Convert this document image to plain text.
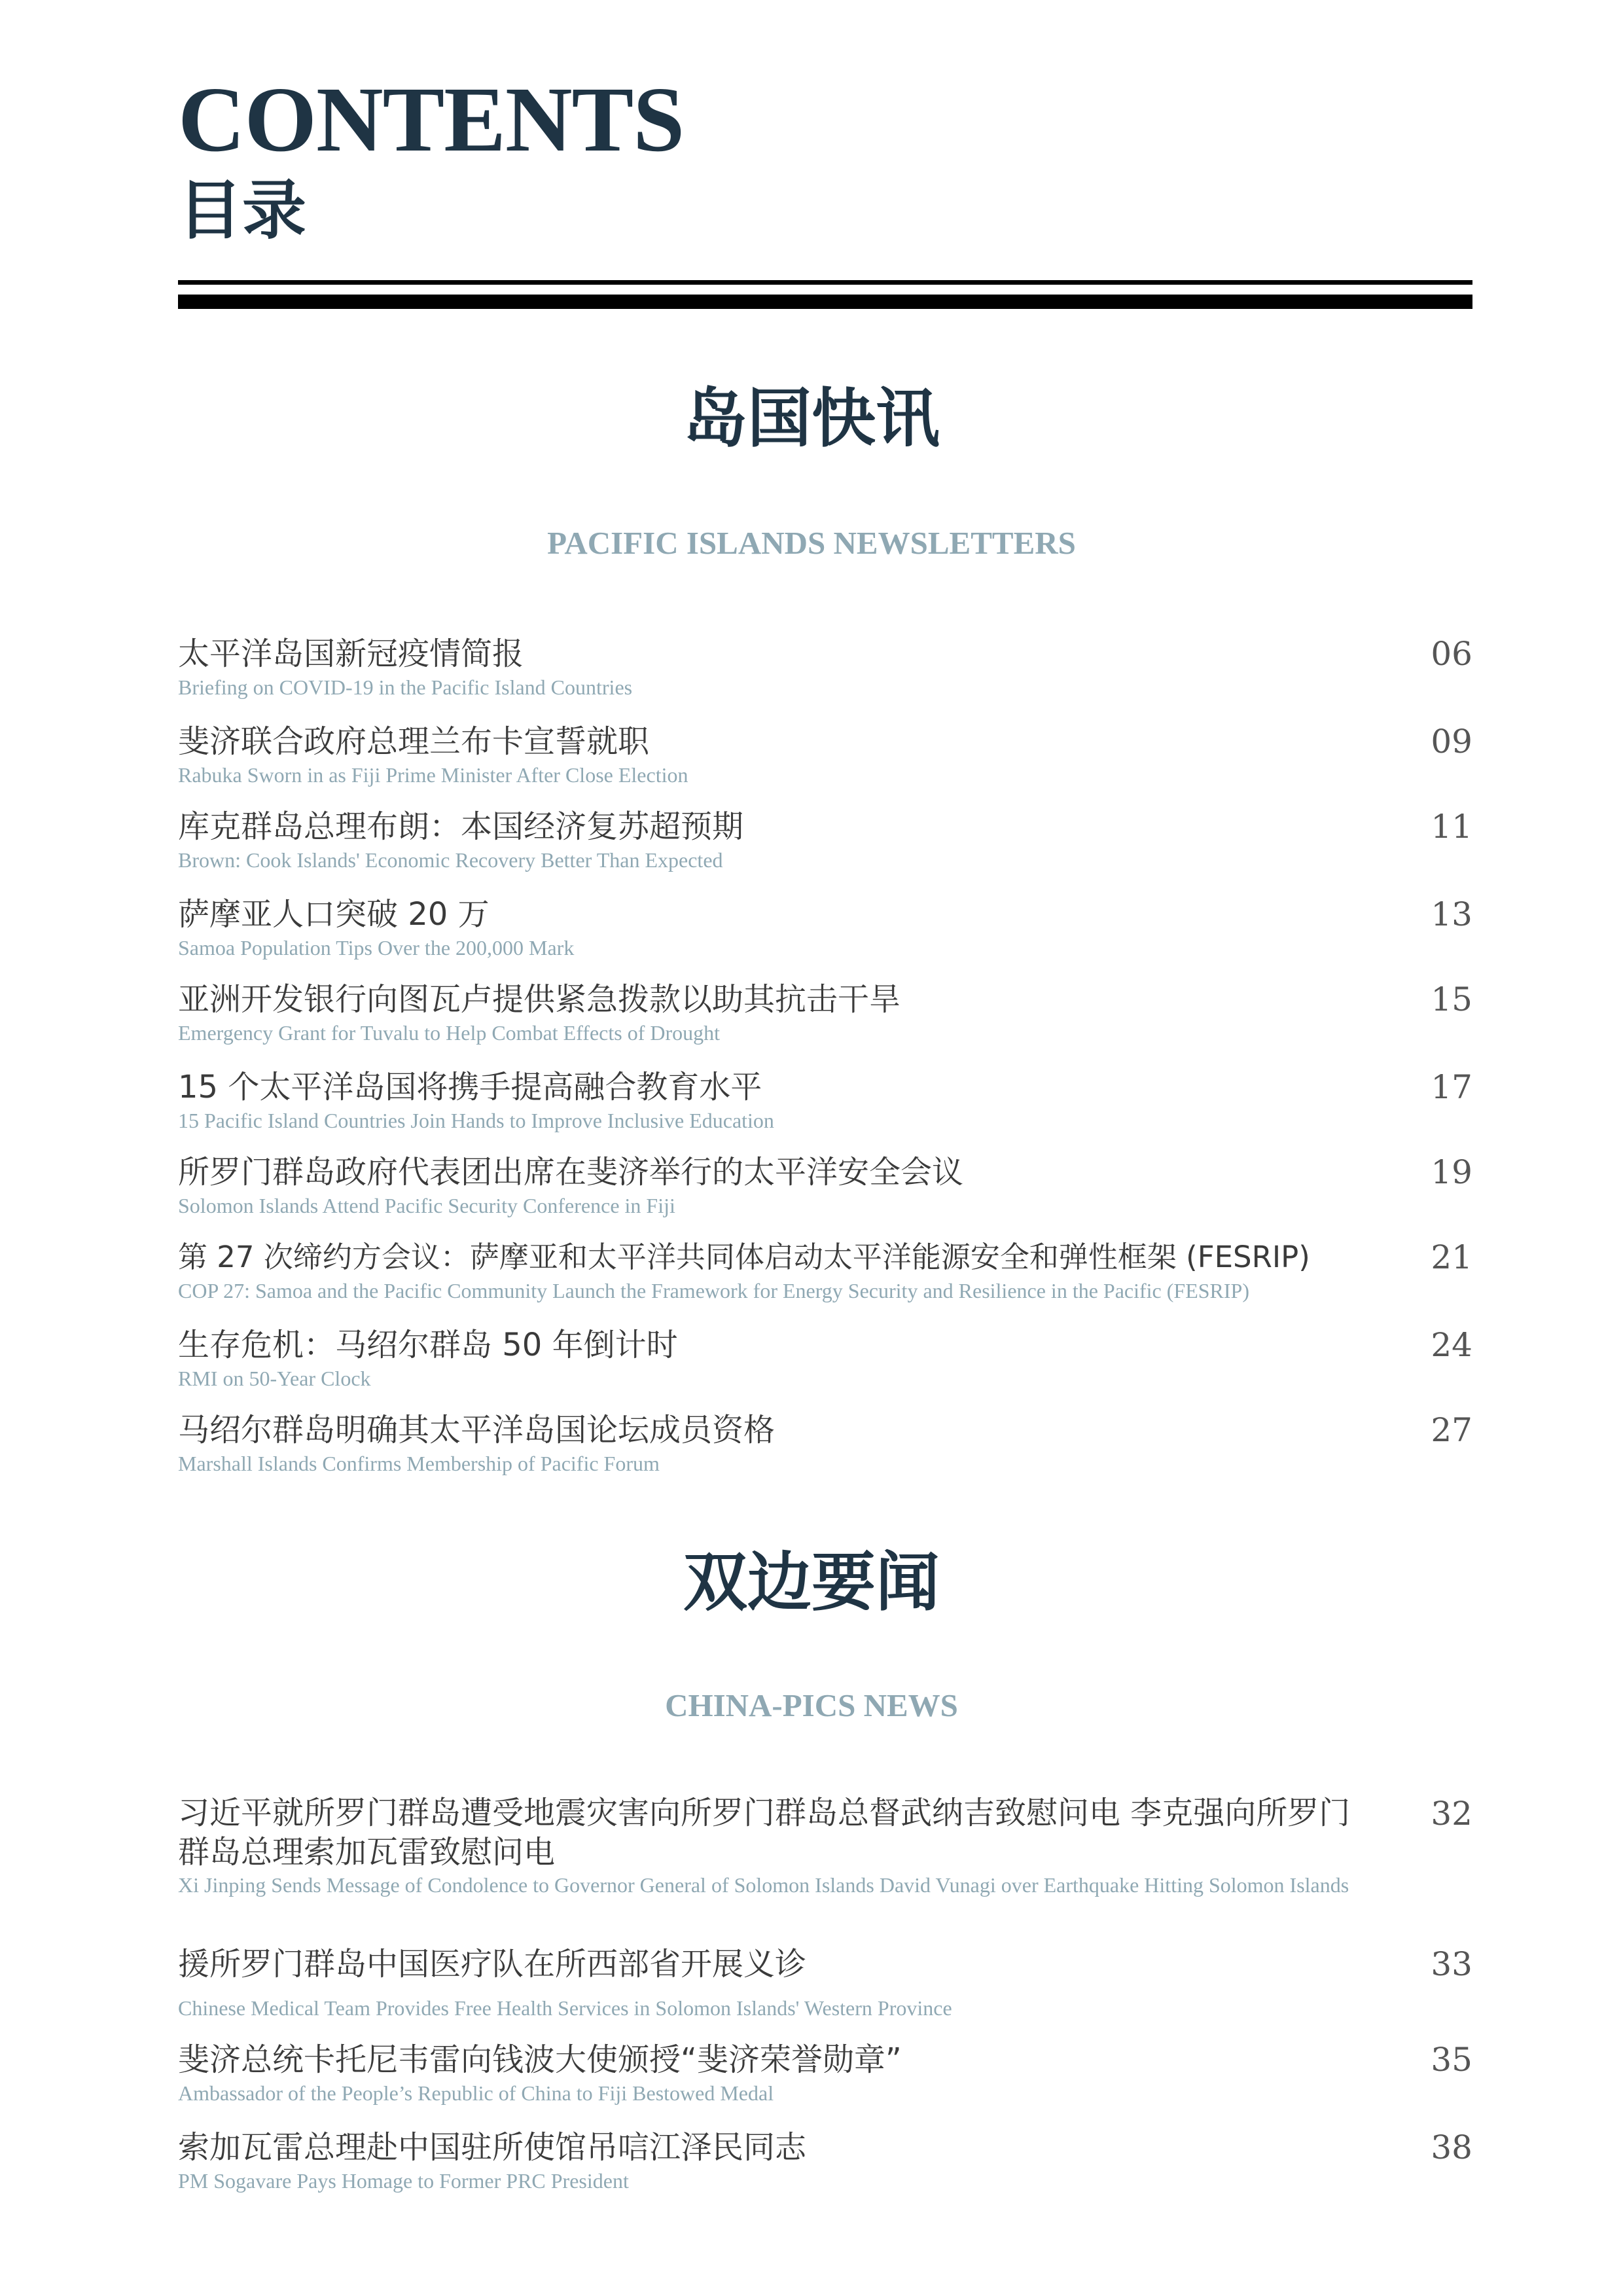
CONTENTS
目录
岛国快讯
PACIFIC ISLANDS NEWSLETTERS
太平洋岛国新冠疫情简报
Briefing on COVID-19 in the Pacific Island Countries
06
斐济联合政府总理兰布卡宣誓就职
Rabuka Sworn in as Fiji Prime Minister After Close Election
09
库克群岛总理布朗：本国经济复苏超预期
Brown: Cook Islands' Economic Recovery Better Than Expected
11
萨摩亚人口突破 20 万
Samoa Population Tips Over the 200,000 Mark
13
亚洲开发银行向图瓦卢提供紧急拨款以助其抗击干旱
Emergency Grant for Tuvalu to Help Combat Effects of Drought
15
15 个太平洋岛国将携手提高融合教育水平
15 Pacific Island Countries Join Hands to Improve Inclusive Education
17
所罗门群岛政府代表团出席在斐济举行的太平洋安全会议
Solomon Islands Attend Pacific Security Conference in Fiji
19
第 27 次缔约方会议：萨摩亚和太平洋共同体启动太平洋能源安全和弹性框架 (FESRIP)
COP 27: Samoa and the Pacific Community Launch the Framework for Energy Security and Resilience in the Pacific (FESRIP)
21
生存危机：马绍尔群岛 50 年倒计时
RMI on 50-Year Clock
24
马绍尔群岛明确其太平洋岛国论坛成员资格
Marshall Islands Confirms Membership of Pacific Forum
27
双边要闻
CHINA-PICS NEWS
习近平就所罗门群岛遭受地震灾害向所罗门群岛总督武纳吉致慰问电 李克强向所罗门群岛总理索加瓦雷致慰问电
Xi Jinping Sends Message of Condolence to Governor General of Solomon Islands David Vunagi over Earthquake Hitting Solomon Islands
32
援所罗门群岛中国医疗队在所西部省开展义诊
Chinese Medical Team Provides Free Health Services in Solomon Islands' Western Province
33
斐济总统卡托尼韦雷向钱波大使颁授“斐济荣誉勋章”
Ambassador of the People’s Republic of China to Fiji Bestowed Medal
35
索加瓦雷总理赴中国驻所使馆吊唁江泽民同志
PM Sogavare Pays Homage to Former PRC President
38
